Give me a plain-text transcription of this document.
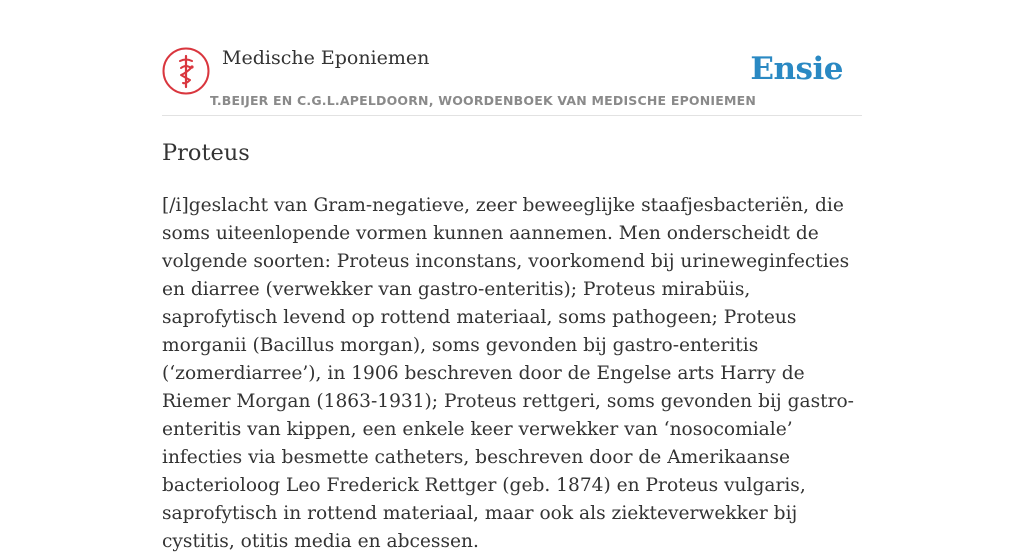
Medische Eponiemen
T.BEIJER EN C.G.L.APELDOORN, WOORDENBOEK VAN MEDISCHE EPONIEMEN
Ensie
Proteus

[/i]geslacht van Gram-negatieve, zeer beweeglijke staafjesbacteriën, die soms uiteenlopende vormen kunnen aannemen. Men onderscheidt de volgende soorten: Proteus inconstans, voorkomend bij urineweginfecties en diarree (verwekker van gastro-enteritis); Proteus mirabüis, saprofytisch levend op rottend materiaal, soms pathogeen; Proteus morganii (Bacillus morgan), soms gevonden bij gastro-enteritis (‘zomerdiarree’), in 1906 beschreven door de Engelse arts Harry de Riemer Morgan (1863-1931); Proteus rettgeri, soms gevonden bij gastro-enteritis van kippen, een enkele keer verwekker van ‘nosocomiale’ infecties via besmette catheters, beschreven door de Amerikaanse bacterioloog Leo Frederick Rettger (geb. 1874) en Proteus vulgaris, saprofytisch in rottend materiaal, maar ook als ziekteverwekker bij cystitis, otitis media en abcessen.
